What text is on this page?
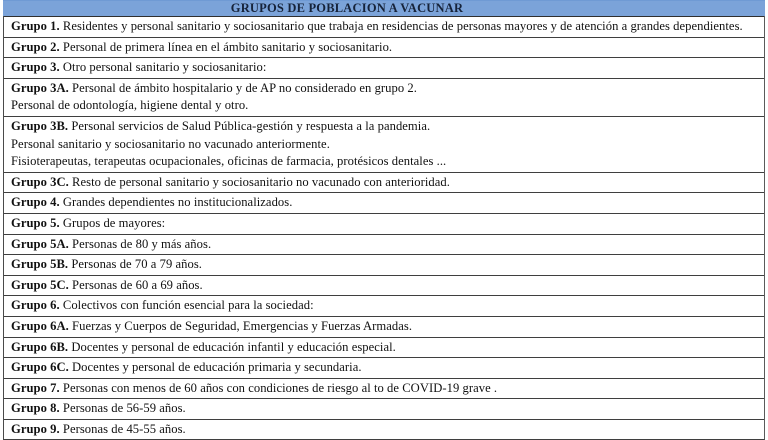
GRUPOS DE POBLACION A VACUNAR
Grupo 1. Residentes y personal sanitario y sociosanitario que trabaja en residencias de personas mayores y de atención a grandes dependientes.
Grupo 2. Personal de primera línea en el ámbito sanitario y sociosanitario.
Grupo 3. Otro personal sanitario y sociosanitario:
Grupo 3A. Personal de ámbito hospitalario y de AP no considerado en grupo 2.
Personal de odontología, higiene dental y otro.
Grupo 3B. Personal servicios de Salud Pública-gestión y respuesta a la pandemia.
Personal sanitario y sociosanitario no vacunado anteriormente.
Fisioterapeutas, terapeutas ocupacionales, oficinas de farmacia, protésicos dentales ...
Grupo 3C. Resto de personal sanitario y sociosanitario no vacunado con anterioridad.
Grupo 4. Grandes dependientes no institucionalizados.
Grupo 5. Grupos de mayores:
Grupo 5A. Personas de 80 y más años.
Grupo 5B. Personas de 70 a 79 años.
Grupo 5C. Personas de 60 a 69 años.
Grupo 6. Colectivos con función esencial para la sociedad:
Grupo 6A. Fuerzas y Cuerpos de Seguridad, Emergencias y Fuerzas Armadas.
Grupo 6B. Docentes y personal de educación infantil y educación especial.
Grupo 6C. Docentes y personal de educación primaria y secundaria.
Grupo 7. Personas con menos de 60 años con condiciones de riesgo al to de COVID-19 grave .
Grupo 8. Personas de 56-59 años.
Grupo 9. Personas de 45-55 años.
